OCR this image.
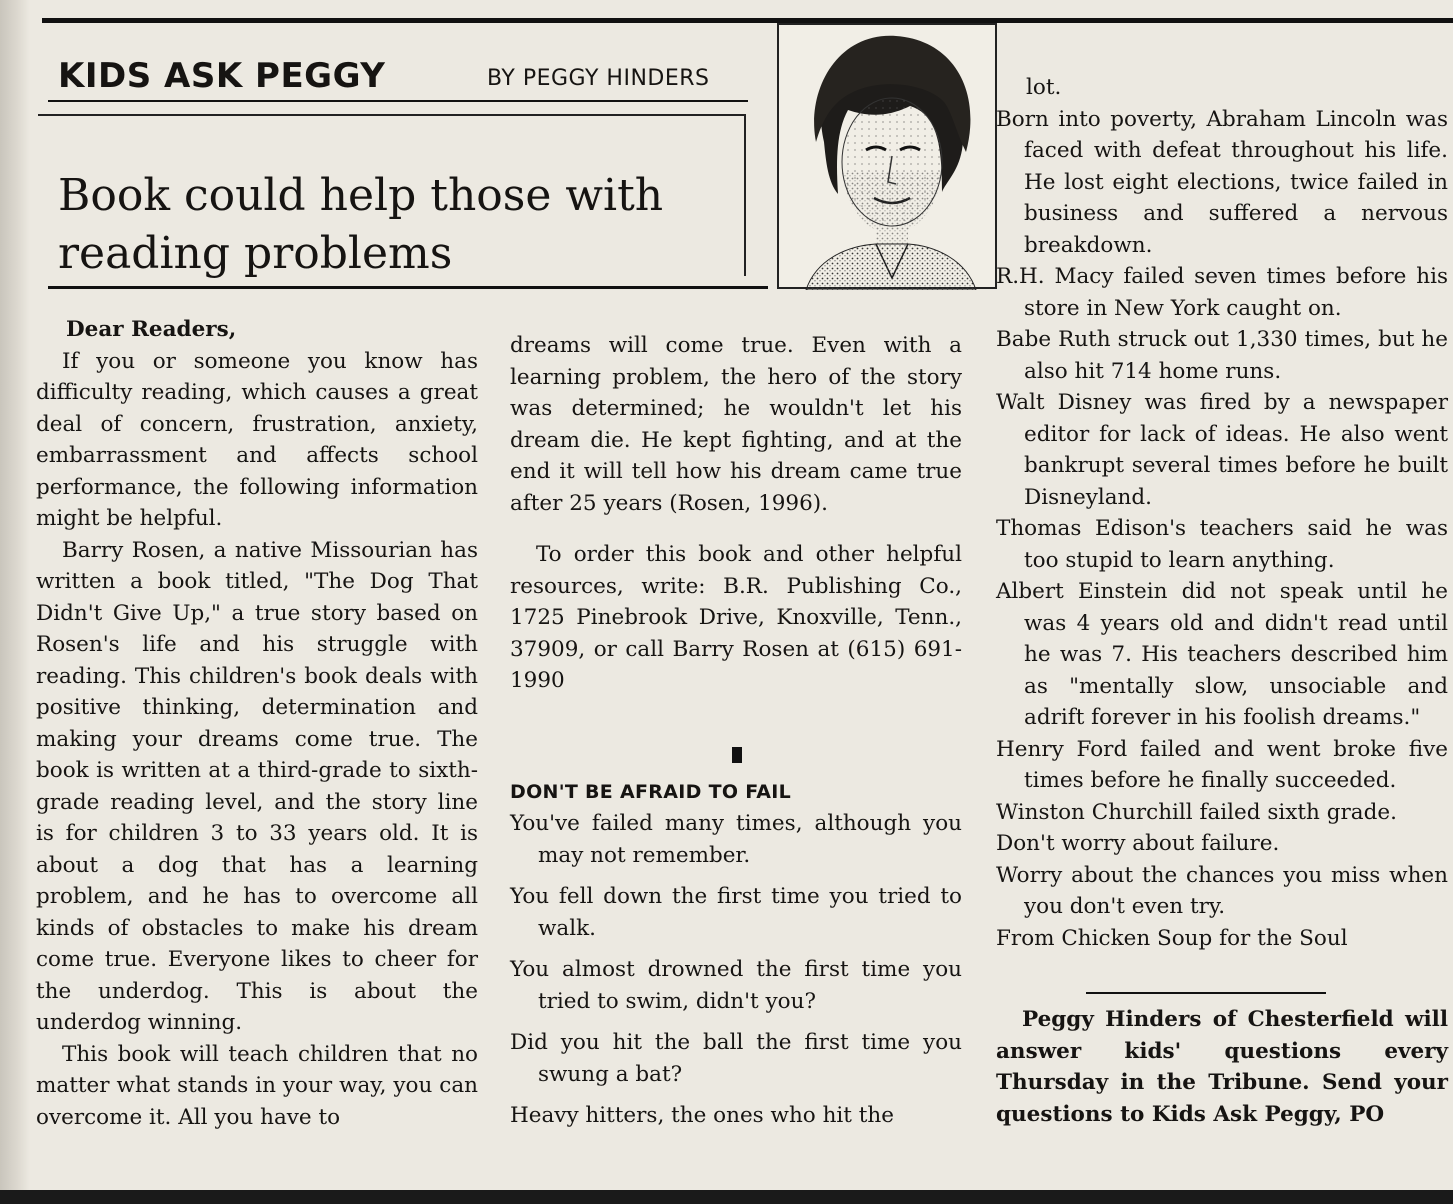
KIDS ASK PEGGY	BY PEGGY HINDERS
Book could help those with reading problems

Dear Readers,

If you or someone you know has difficulty reading, which causes a great deal of concern, frustration, anxiety, embarrassment and affects school performance, the following information might be helpful.

Barry Rosen, a native Missourian has written a book titled, "The Dog That Didn't Give Up," a true story based on Rosen's life and his struggle with reading. This children's book deals with positive thinking, determination and making your dreams come true. The book is written at a third-grade to sixth-grade reading level, and the story line is for children 3 to 33 years old. It is about a dog that has a learning problem, and he has to overcome all kinds of obstacles to make his dream come true. Everyone likes to cheer for the underdog. This is about the underdog winning.

This book will teach children that no matter what stands in your way, you can overcome it. All you have to

dreams will come true. Even with a learning problem, the hero of the story was determined; he wouldn't let his dream die. He kept fighting, and at the end it will tell how his dream came true after 25 years (Rosen, 1996).

To order this book and other helpful resources, write: B.R. Publishing Co., 1725 Pinebrook Drive, Knoxville, Tenn., 37909, or call Barry Rosen at (615) 691-1990

DON'T BE AFRAID TO FAIL

You've failed many times, although you may not remember.

You fell down the first time you tried to walk.

You almost drowned the first time you tried to swim, didn't you?

Did you hit the ball the first time you swung a bat?

Heavy hitters, the ones who hit the

lot.

Born into poverty, Abraham Lincoln was faced with defeat throughout his life. He lost eight elections, twice failed in business and suffered a nervous breakdown.

R.H. Macy failed seven times before his store in New York caught on.

Babe Ruth struck out 1,330 times, but he also hit 714 home runs.

Walt Disney was fired by a newspaper editor for lack of ideas. He also went bankrupt several times before he built Disneyland.

Thomas Edison's teachers said he was too stupid to learn anything.

Albert Einstein did not speak until he was 4 years old and didn't read until he was 7. His teachers described him as "mentally slow, unsociable and adrift forever in his foolish dreams."

Henry Ford failed and went broke five times before he finally succeeded.

Winston Churchill failed sixth grade.

Don't worry about failure.

Worry about the chances you miss when you don't even try.

From Chicken Soup for the Soul

Peggy Hinders of Chesterfield will answer kids' questions every Thursday in the Tribune. Send your questions to Kids Ask Peggy, PO
